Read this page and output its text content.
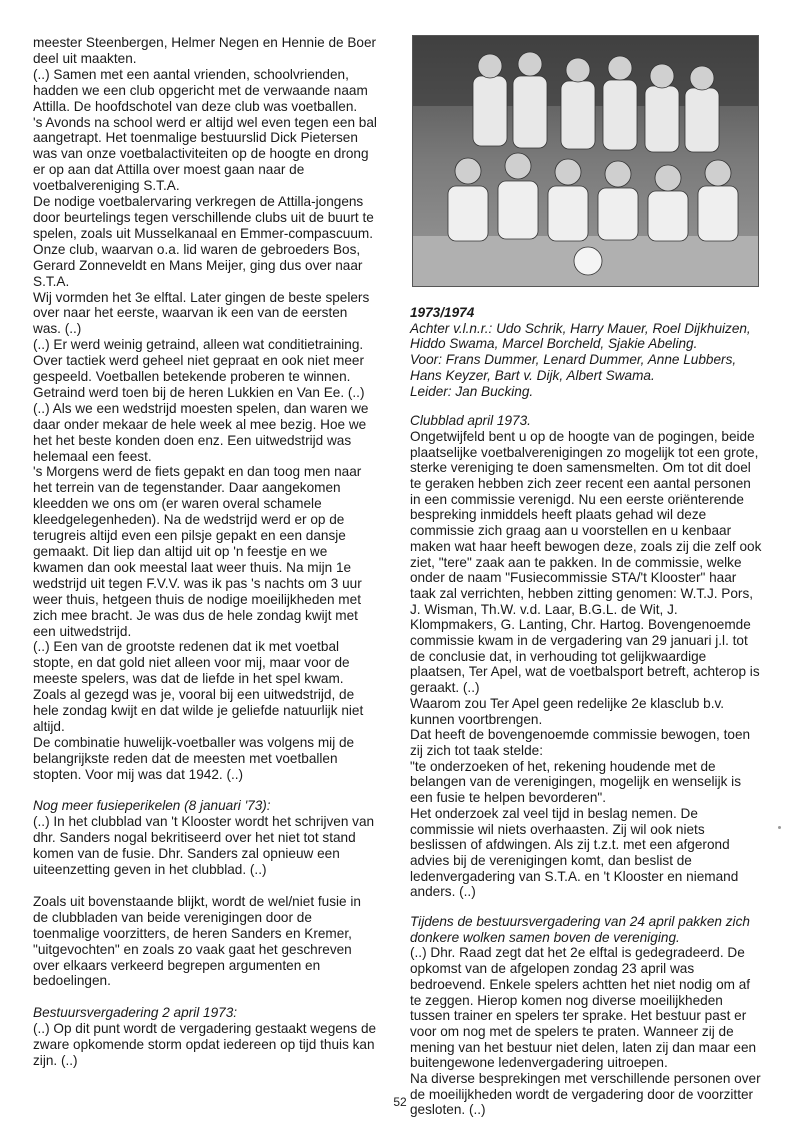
meester Steenbergen, Helmer Negen en Hennie de Boer deel uit maakten.

(..) Samen met een aantal vrienden, schoolvrienden, hadden we een club opgericht met de verwaande naam Attilla. De hoofdschotel van deze club was voetballen.

's Avonds na school werd er altijd wel even tegen een bal aangetrapt. Het toenmalige bestuurslid Dick Pietersen was van onze voetbalactiviteiten op de hoogte en drong er op aan dat Attilla over moest gaan naar de voetbalvereniging S.T.A.

De nodige voetbalervaring verkregen de Attilla-jongens door beurtelings tegen verschillende clubs uit de buurt te spelen, zoals uit Musselkanaal en Emmer-compascuum.

Onze club, waarvan o.a. lid waren de gebroeders Bos, Gerard Zonneveldt en Mans Meijer, ging dus over naar S.T.A.

Wij vormden het 3e elftal. Later gingen de beste spelers over naar het eerste, waarvan ik een van de eersten was. (..)

(..) Er werd weinig getraind, alleen wat conditietraining. Over tactiek werd geheel niet gepraat en ook niet meer gespeeld. Voetballen betekende proberen te winnen. Getraind werd toen bij de heren Lukkien en Van Ee. (..)

(..) Als we een wedstrijd moesten spelen, dan waren we daar onder mekaar de hele week al mee bezig. Hoe we het het beste konden doen enz. Een uitwedstrijd was helemaal een feest.

's Morgens werd de fiets gepakt en dan toog men naar het terrein van de tegenstander. Daar aangekomen kleedden we ons om (er waren overal schamele kleedgelegenheden). Na de wedstrijd werd er op de terugreis altijd even een pilsje gepakt en een dansje gemaakt. Dit liep dan altijd uit op 'n feestje en we kwamen dan ook meestal laat weer thuis. Na mijn 1e wedstrijd uit tegen F.V.V. was ik pas 's nachts om 3 uur weer thuis, hetgeen thuis de nodige moeilijkheden met zich mee bracht. Je was dus de hele zondag kwijt met een uitwedstrijd.

(..) Een van de grootste redenen dat ik met voetbal stopte, en dat gold niet alleen voor mij, maar voor de meeste spelers, was dat de liefde in het spel kwam. Zoals al gezegd was je, vooral bij een uitwedstrijd, de hele zondag kwijt en dat wilde je geliefde natuurlijk niet altijd.

De combinatie huwelijk-voetballer was volgens mij de belangrijkste reden dat de meesten met voetballen stopten. Voor mij was dat 1942. (..)

Nog meer fusieperikelen (8 januari '73):

(..) In het clubblad van 't Klooster wordt het schrijven van dhr. Sanders nogal bekritiseerd over het niet tot stand komen van de fusie. Dhr. Sanders zal opnieuw een uiteenzetting geven in het clubblad. (..)

Zoals uit bovenstaande blijkt, wordt de wel/niet fusie in de clubbladen van beide verenigingen door de toenmalige voorzitters, de heren Sanders en Kremer, "uitgevochten" en zoals zo vaak gaat het geschreven over elkaars verkeerd begrepen argumenten en bedoelingen.

Bestuursvergadering 2 april 1973:

(..) Op dit punt wordt de vergadering gestaakt wegens de zware opkomende storm opdat iedereen op tijd thuis kan zijn. (..)

1973/1974

Achter v.l.n.r.: Udo Schrik, Harry Mauer, Roel Dijkhuizen, Hiddo Swama, Marcel Borcheld, Sjakie Abeling.

Voor: Frans Dummer, Lenard Dummer, Anne Lubbers, Hans Keyzer, Bart v. Dijk, Albert Swama.

Leider: Jan Bucking.

Clubblad april 1973.

Ongetwijfeld bent u op de hoogte van de pogingen, beide plaatselijke voetbalverenigingen zo mogelijk tot een grote, sterke vereniging te doen samensmelten. Om tot dit doel te geraken hebben zich zeer recent een aantal personen in een commissie verenigd. Nu een eerste oriënterende bespreking inmiddels heeft plaats gehad wil deze commissie zich graag aan u voorstellen en u kenbaar maken wat haar heeft bewogen deze, zoals zij die zelf ook ziet, "tere" zaak aan te pakken. In de commissie, welke onder de naam "Fusiecommissie STA/'t Klooster" haar taak zal verrichten, hebben zitting genomen: W.T.J. Pors, J. Wisman, Th.W. v.d. Laar, B.G.L. de Wit, J. Klompmakers, G. Lanting, Chr. Hartog. Bovengenoemde commissie kwam in de vergadering van 29 januari j.l. tot de conclusie dat, in verhouding tot gelijkwaardige plaatsen, Ter Apel, wat de voetbalsport betreft, achterop is geraakt. (..)

Waarom zou Ter Apel geen redelijke 2e klasclub b.v. kunnen voortbrengen.

Dat heeft de bovengenoemde commissie bewogen, toen zij zich tot taak stelde:

"te onderzoeken of het, rekening houdende met de belangen van de verenigingen, mogelijk en wenselijk is een fusie te helpen bevorderen".

Het onderzoek zal veel tijd in beslag nemen. De commissie wil niets overhaasten. Zij wil ook niets beslissen of afdwingen. Als zij t.z.t. met een afgerond advies bij de verenigingen komt, dan beslist de ledenvergadering van S.T.A. en 't Klooster en niemand anders. (..)

Tijdens de bestuursvergadering van 24 april pakken zich donkere wolken samen boven de vereniging.

(..) Dhr. Raad zegt dat het 2e elftal is gedegradeerd. De opkomst van de afgelopen zondag 23 april was bedroevend. Enkele spelers achtten het niet nodig om af te zeggen. Hierop komen nog diverse moeilijkheden tussen trainer en spelers ter sprake. Het bestuur past er voor om nog met de spelers te praten. Wanneer zij de mening van het bestuur niet delen, laten zij dan maar een buitengewone ledenvergadering uitroepen.

Na diverse besprekingen met verschillende personen over de moeilijkheden wordt de vergadering door de voorzitter gesloten. (..)

52
